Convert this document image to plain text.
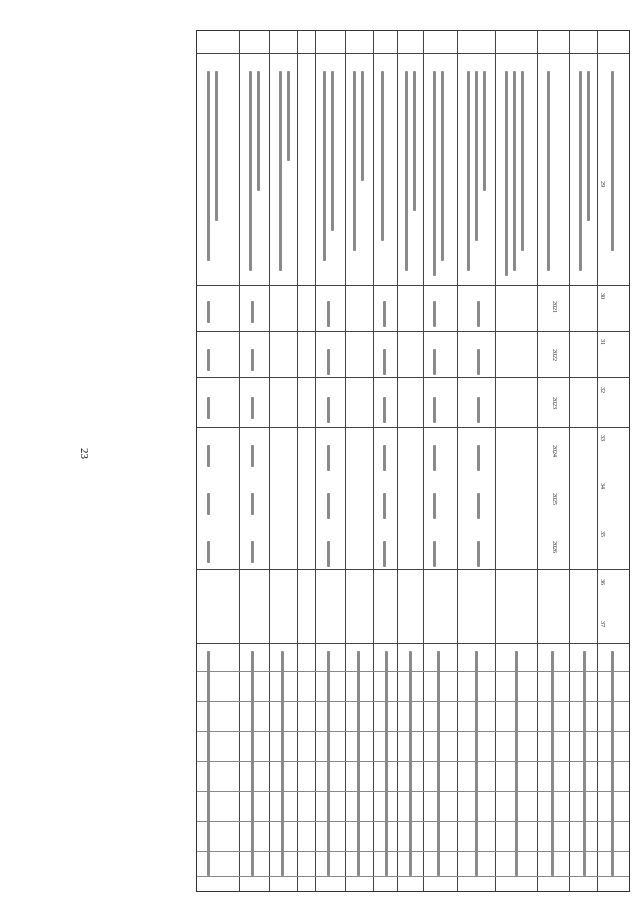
23
2021
2022
2023
2024
2025
2026
29
30
31
32
33
34
35
36
37
